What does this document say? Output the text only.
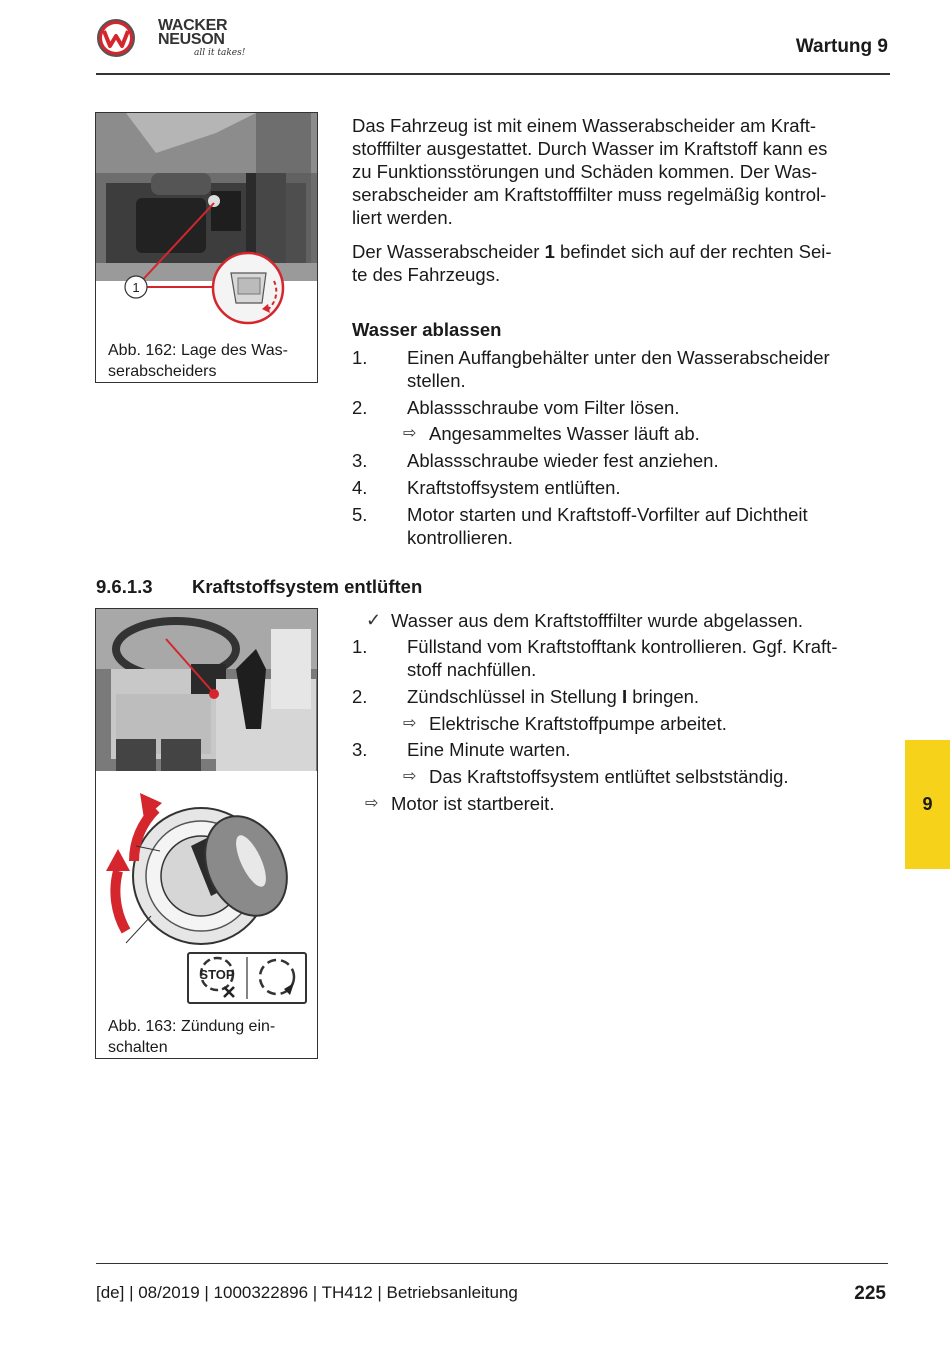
WACKER
NEUSON
all it takes!	Wartung 9
1
Abb. 162: Lage des Was-
serabscheiders
Das Fahrzeug ist mit einem Wasserabscheider am Kraft-
stofffilter ausgestattet. Durch Wasser im Kraftstoff kann es
zu Funktionsstörungen und Schäden kommen. Der Was-
serabscheider am Kraftstofffilter muss regelmäßig kontrol-
liert werden.
Der Wasserabscheider 1 befindet sich auf der rechten Sei-
te des Fahrzeugs.
Wasser ablassen
1. Einen Auffangbehälter unter den Wasserabscheider
stellen.
2. Ablassschraube vom Filter lösen.
⇨ Angesammeltes Wasser läuft ab.
3. Ablassschraube wieder fest anziehen.
4. Kraftstoffsystem entlüften.
5. Motor starten und Kraftstoff-Vorfilter auf Dichtheit
kontrollieren.
9.6.1.3 Kraftstoffsystem entlüften
STOP
Abb. 163: Zündung ein-
schalten
✓ Wasser aus dem Kraftstofffilter wurde abgelassen.
1. Füllstand vom Kraftstofftank kontrollieren. Ggf. Kraft-
stoff nachfüllen.
2. Zündschlüssel in Stellung I bringen.
⇨ Elektrische Kraftstoffpumpe arbeitet.
3. Eine Minute warten.
⇨ Das Kraftstoffsystem entlüftet selbstständig.
⇨ Motor ist startbereit.	9
[de] | 08/2019 | 1000322896 | TH412 | Betriebsanleitung	225
